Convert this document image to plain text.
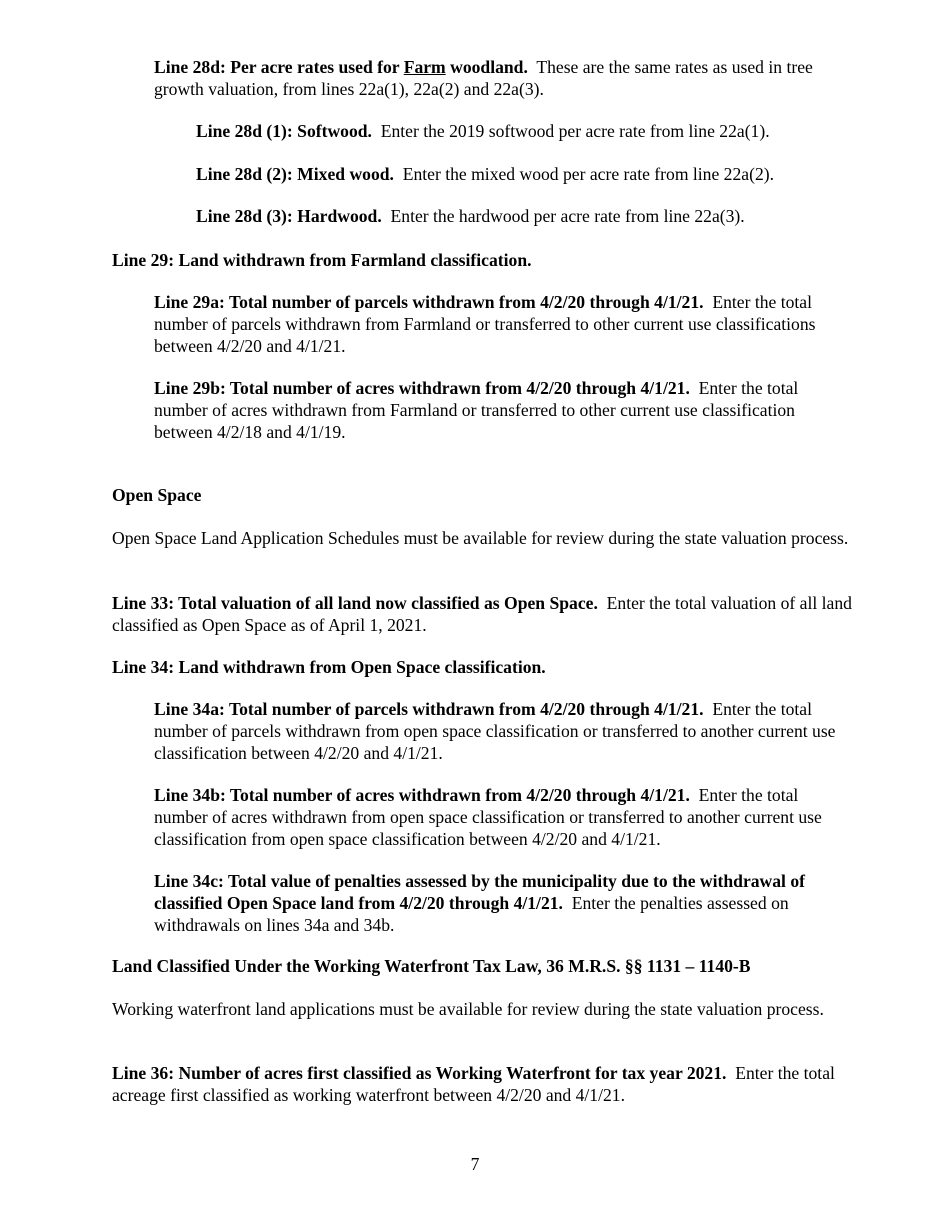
Line 28d: Per acre rates used for Farm woodland. These are the same rates as used in tree growth valuation, from lines 22a(1), 22a(2) and 22a(3).

Line 28d (1): Softwood. Enter the 2019 softwood per acre rate from line 22a(1).

Line 28d (2): Mixed wood. Enter the mixed wood per acre rate from line 22a(2).

Line 28d (3): Hardwood. Enter the hardwood per acre rate from line 22a(3).

Line 29: Land withdrawn from Farmland classification.

Line 29a: Total number of parcels withdrawn from 4/2/20 through 4/1/21. Enter the total number of parcels withdrawn from Farmland or transferred to other current use classifications between 4/2/20 and 4/1/21.

Line 29b: Total number of acres withdrawn from 4/2/20 through 4/1/21. Enter the total number of acres withdrawn from Farmland or transferred to other current use classification between 4/2/18 and 4/1/19.

Open Space

Open Space Land Application Schedules must be available for review during the state valuation process.

Line 33: Total valuation of all land now classified as Open Space. Enter the total valuation of all land classified as Open Space as of April 1, 2021.

Line 34: Land withdrawn from Open Space classification.

Line 34a: Total number of parcels withdrawn from 4/2/20 through 4/1/21. Enter the total number of parcels withdrawn from open space classification or transferred to another current use classification between 4/2/20 and 4/1/21.

Line 34b: Total number of acres withdrawn from 4/2/20 through 4/1/21. Enter the total number of acres withdrawn from open space classification or transferred to another current use classification from open space classification between 4/2/20 and 4/1/21.

Line 34c: Total value of penalties assessed by the municipality due to the withdrawal of classified Open Space land from 4/2/20 through 4/1/21. Enter the penalties assessed on withdrawals on lines 34a and 34b.

Land Classified Under the Working Waterfront Tax Law, 36 M.R.S. §§ 1131 – 1140-B

Working waterfront land applications must be available for review during the state valuation process.

Line 36: Number of acres first classified as Working Waterfront for tax year 2021. Enter the total acreage first classified as working waterfront between 4/2/20 and 4/1/21.

7
